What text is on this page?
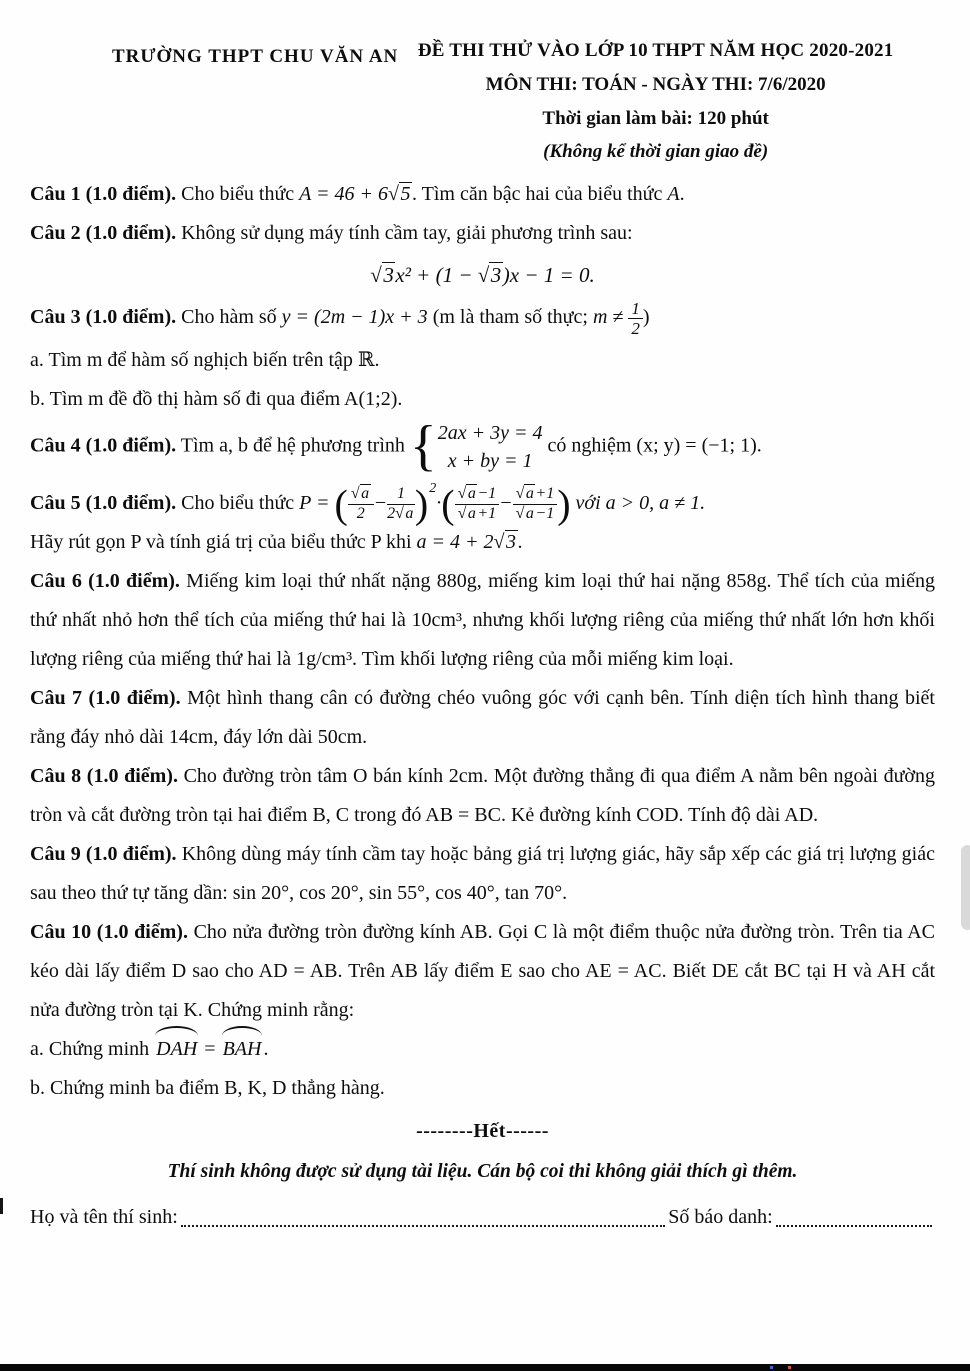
TRƯỜNG THPT CHU VĂN AN	ĐỀ THI THỬ VÀO LỚP 10 THPT NĂM HỌC 2020-2021
MÔN THI: TOÁN - NGÀY THI: 7/6/2020
Thời gian làm bài: 120 phút
(Không kể thời gian giao đề)

Câu 1 (1.0 điểm). Cho biểu thức A = 46 + 6√5. Tìm căn bậc hai của biểu thức A.

Câu 2 (1.0 điểm). Không sử dụng máy tính cầm tay, giải phương trình sau:

√3x² + (1 − √3)x − 1 = 0.

Câu 3 (1.0 điểm). Cho hàm số y = (2m − 1)x + 3 (m là tham số thực; $m \ne \frac{1}{2}$ )

a. Tìm m để hàm số nghịch biến trên tập ℝ.

b. Tìm m đề đồ thị hàm số đi qua điểm A(1;2).

Câu 4 (1.0 điểm). Tìm a, b để hệ phương trình { 2ax + 3y = 4
x + by = 1
có nghiệm (x; y) = (−1; 1).

Câu 5 (1.0 điểm). Cho biểu thức P = ( $\frac{√a}{2} - \frac{1}{2√a} )^2\cdot( \frac{√a-1}{√a+1} - \frac{√a+1}{√a-1}$ ) với a > 0, a ≠ 1.

Hãy rút gọn P và tính giá trị của biểu thức P khi a = 4 + 2√3.

Câu 6 (1.0 điểm). Miếng kim loại thứ nhất nặng 880g, miếng kim loại thứ hai nặng 858g. Thể tích của miếng thứ nhất nhỏ hơn thể tích của miếng thứ hai là 10cm³, nhưng khối lượng riêng của miếng thứ nhất lớn hơn khối lượng riêng của miếng thứ hai là 1g/cm³. Tìm khối lượng riêng của mỗi miếng kim loại.

Câu 7 (1.0 điểm). Một hình thang cân có đường chéo vuông góc với cạnh bên. Tính diện tích hình thang biết rằng đáy nhỏ dài 14cm, đáy lớn dài 50cm.

Câu 8 (1.0 điểm). Cho đường tròn tâm O bán kính 2cm. Một đường thẳng đi qua điểm A nằm bên ngoài đường tròn và cắt đường tròn tại hai điểm B, C trong đó AB = BC. Kẻ đường kính COD. Tính độ dài AD.

Câu 9 (1.0 điểm). Không dùng máy tính cầm tay hoặc bảng giá trị lượng giác, hãy sắp xếp các giá trị lượng giác sau theo thứ tự tăng dần: sin 20°, cos 20°, sin 55°, cos 40°, tan 70°.

Câu 10 (1.0 điểm). Cho nửa đường tròn đường kính AB. Gọi C là một điểm thuộc nửa đường tròn. Trên tia AC kéo dài lấy điểm D sao cho AD = AB. Trên AB lấy điểm E sao cho AE = AC. Biết DE cắt BC tại H và AH cắt nửa đường tròn tại K. Chứng minh rằng:

a. Chứng minh DAH = BAH .

b. Chứng minh ba điểm B, K, D thẳng hàng.

--------Hết------
Thí sinh không được sử dụng tài liệu. Cán bộ coi thi không giải thích gì thêm.
Họ và tên thí sinh:	Số báo danh:
